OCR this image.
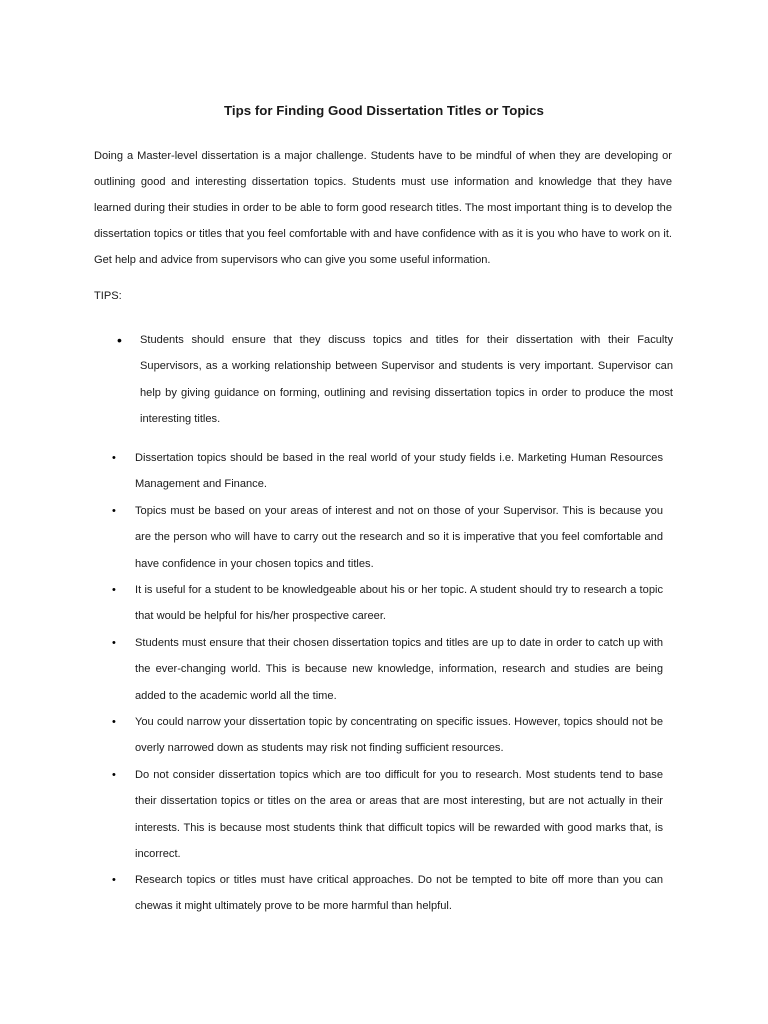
Tips for Finding Good Dissertation Titles or Topics
Doing a Master-level dissertation is a major challenge. Students have to be mindful of when they are developing or outlining good and interesting dissertation topics. Students must use information and knowledge that they have learned during their studies in order to be able to form good research titles. The most important thing is to develop the dissertation topics or titles that you feel comfortable with and have confidence with as it is you who have to work on it. Get help and advice from supervisors who can give you some useful information.
TIPS:
• Students should ensure that they discuss topics and titles for their dissertation with their Faculty Supervisors, as a working relationship between Supervisor and students is very important. Supervisor can help by giving guidance on forming, outlining and revising dissertation topics in order to produce the most interesting titles.
• Dissertation topics should be based in the real world of your study fields i.e. Marketing Human Resources Management and Finance.
• Topics must be based on your areas of interest and not on those of your Supervisor. This is because you are the person who will have to carry out the research and so it is imperative that you feel comfortable and have confidence in your chosen topics and titles.
• It is useful for a student to be knowledgeable about his or her topic. A student should try to research a topic that would be helpful for his/her prospective career.
• Students must ensure that their chosen dissertation topics and titles are up to date in order to catch up with the ever-changing world. This is because new knowledge, information, research and studies are being added to the academic world all the time.
• You could narrow your dissertation topic by concentrating on specific issues. However, topics should not be overly narrowed down as students may risk not finding sufficient resources.
• Do not consider dissertation topics which are too difficult for you to research. Most students tend to base their dissertation topics or titles on the area or areas that are most interesting, but are not actually in their interests. This is because most students think that difficult topics will be rewarded with good marks that, is incorrect.
• Research topics or titles must have critical approaches. Do not be tempted to bite off more than you can chewas it might ultimately prove to be more harmful than helpful.
